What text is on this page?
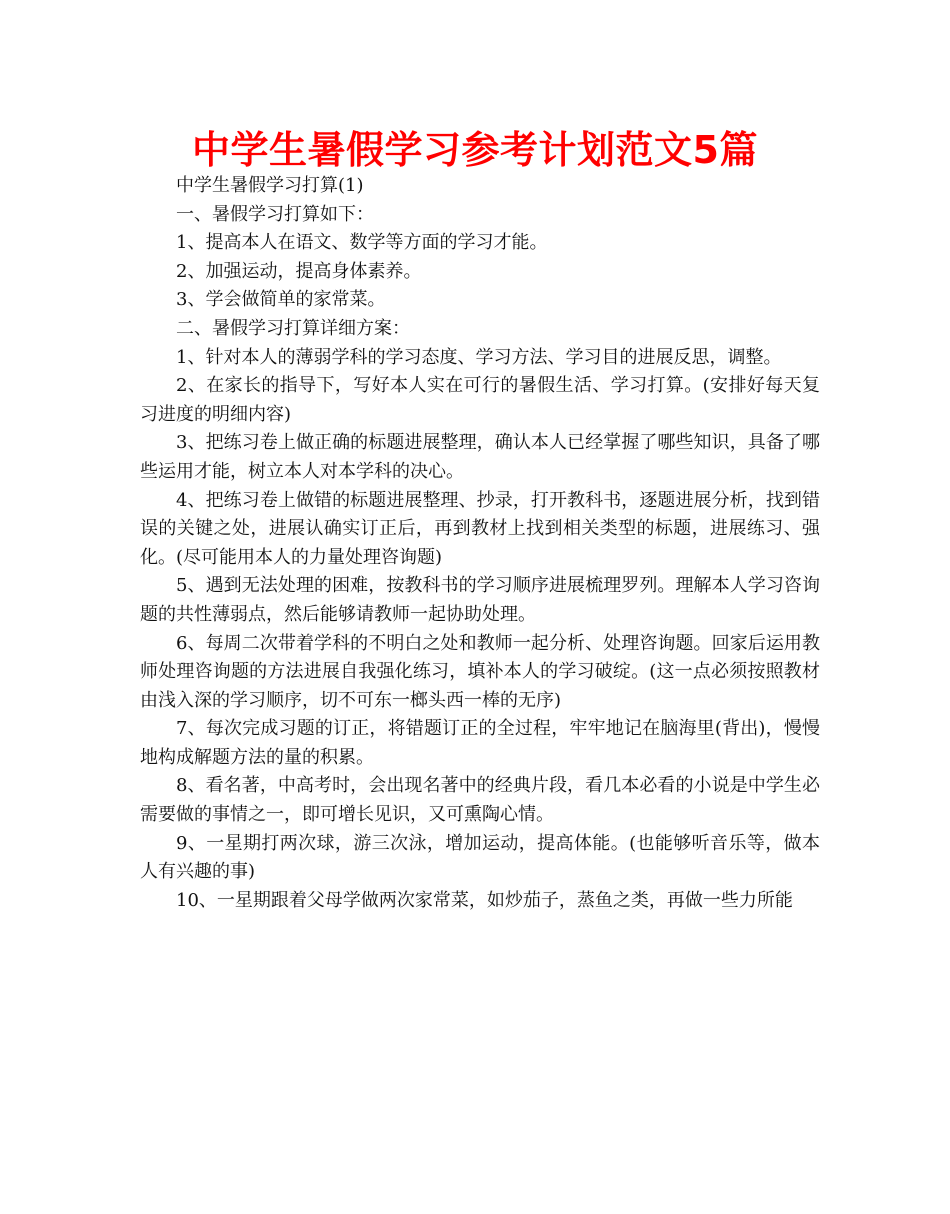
中学生暑假学习参考计划范文5篇

中学生暑假学习打算(1)

一、暑假学习打算如下：

1、提高本人在语文、数学等方面的学习才能。

2、加强运动，提高身体素养。

3、学会做简单的家常菜。

二、暑假学习打算详细方案：

1、针对本人的薄弱学科的学习态度、学习方法、学习目的进展反思，调整。

2、在家长的指导下，写好本人实在可行的暑假生活、学习打算。(安排好每天复习进度的明细内容)

3、把练习卷上做正确的标题进展整理，确认本人已经掌握了哪些知识，具备了哪些运用才能，树立本人对本学科的决心。

4、把练习卷上做错的标题进展整理、抄录，打开教科书，逐题进展分析，找到错误的关键之处，进展认确实订正后，再到教材上找到相关类型的标题，进展练习、强化。(尽可能用本人的力量处理咨询题)

5、遇到无法处理的困难，按教科书的学习顺序进展梳理罗列。理解本人学习咨询题的共性薄弱点，然后能够请教师一起协助处理。

6、每周二次带着学科的不明白之处和教师一起分析、处理咨询题。回家后运用教师处理咨询题的方法进展自我强化练习，填补本人的学习破绽。(这一点必须按照教材由浅入深的学习顺序，切不可东一榔头西一棒的无序)

7、每次完成习题的订正，将错题订正的全过程，牢牢地记在脑海里(背出)，慢慢地构成解题方法的量的积累。

8、看名著，中高考时，会出现名著中的经典片段，看几本必看的小说是中学生必需要做的事情之一，即可增长见识，又可熏陶心情。

9、一星期打两次球，游三次泳，增加运动，提高体能。(也能够听音乐等，做本人有兴趣的事)

10、一星期跟着父母学做两次家常菜，如炒茄子，蒸鱼之类，再做一些力所能
